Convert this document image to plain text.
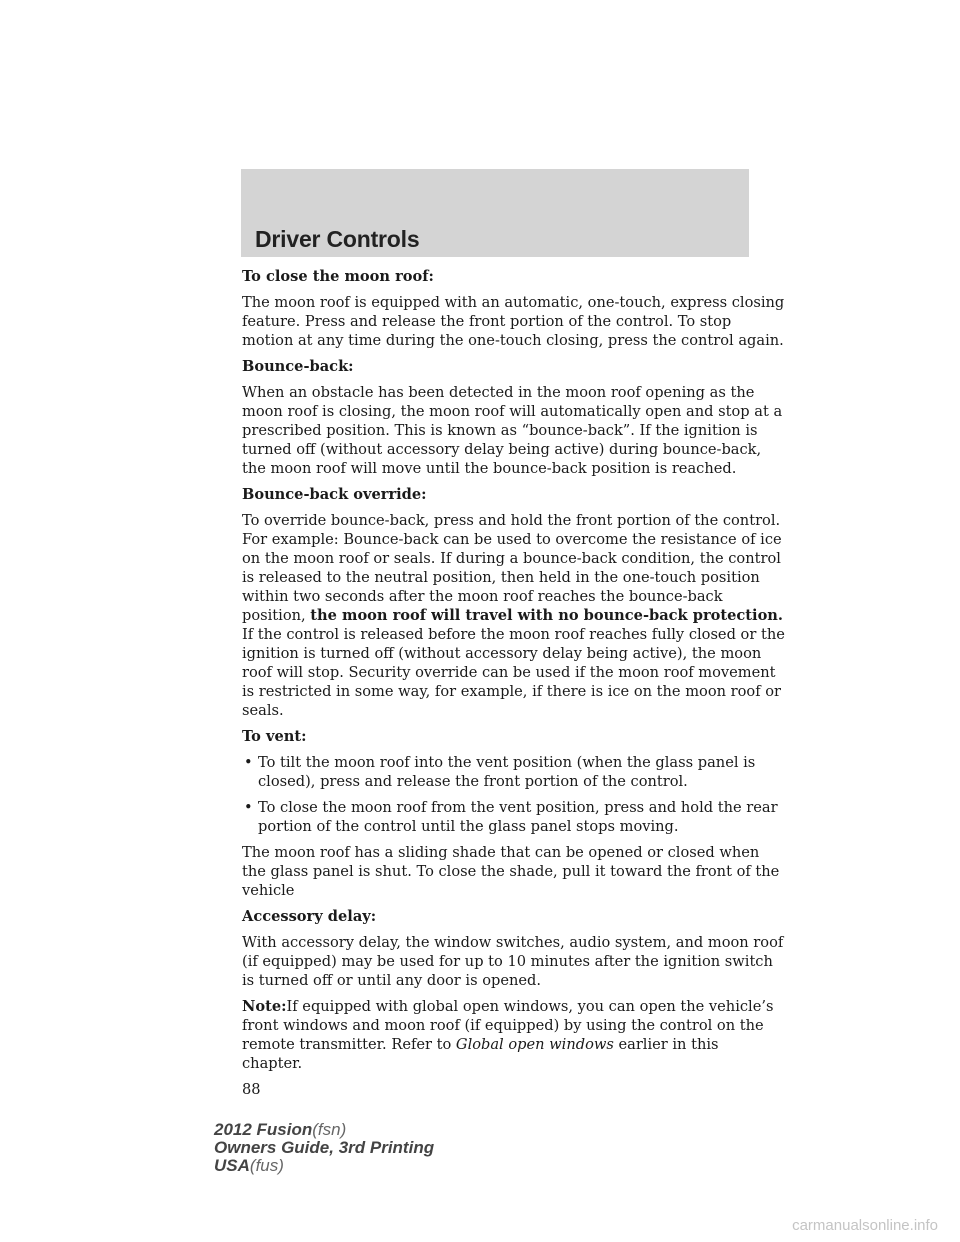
Driver Controls

To close the moon roof:

The moon roof is equipped with an automatic, one-touch, express closing
feature. Press and release the front portion of the control. To stop
motion at any time during the one-touch closing, press the control again.

Bounce-back:

When an obstacle has been detected in the moon roof opening as the
moon roof is closing, the moon roof will automatically open and stop at a
prescribed position. This is known as “bounce-back”. If the ignition is
turned off (without accessory delay being active) during bounce-back,
the moon roof will move until the bounce-back position is reached.

Bounce-back override:

To override bounce-back, press and hold the front portion of the control.
For example: Bounce-back can be used to overcome the resistance of ice
on the moon roof or seals. If during a bounce-back condition, the control
is released to the neutral position, then held in the one-touch position
within two seconds after the moon roof reaches the bounce-back
position, the moon roof will travel with no bounce-back protection.
If the control is released before the moon roof reaches fully closed or the
ignition is turned off (without accessory delay being active), the moon
roof will stop. Security override can be used if the moon roof movement
is restricted in some way, for example, if there is ice on the moon roof or
seals.

To vent:

• To tilt the moon roof into the vent position (when the glass panel is
closed), press and release the front portion of the control.
• To close the moon roof from the vent position, press and hold the rear
portion of the control until the glass panel stops moving.

The moon roof has a sliding shade that can be opened or closed when
the glass panel is shut. To close the shade, pull it toward the front of the
vehicle

Accessory delay:

With accessory delay, the window switches, audio system, and moon roof
(if equipped) may be used for up to 10 minutes after the ignition switch
is turned off or until any door is opened.

Note:If equipped with global open windows, you can open the vehicle’s
front windows and moon roof (if equipped) by using the control on the
remote transmitter. Refer to Global open windows earlier in this
chapter.

88
2012 Fusion(fsn)
Owners Guide, 3rd Printing
USA(fus)
carmanualsonline.info
